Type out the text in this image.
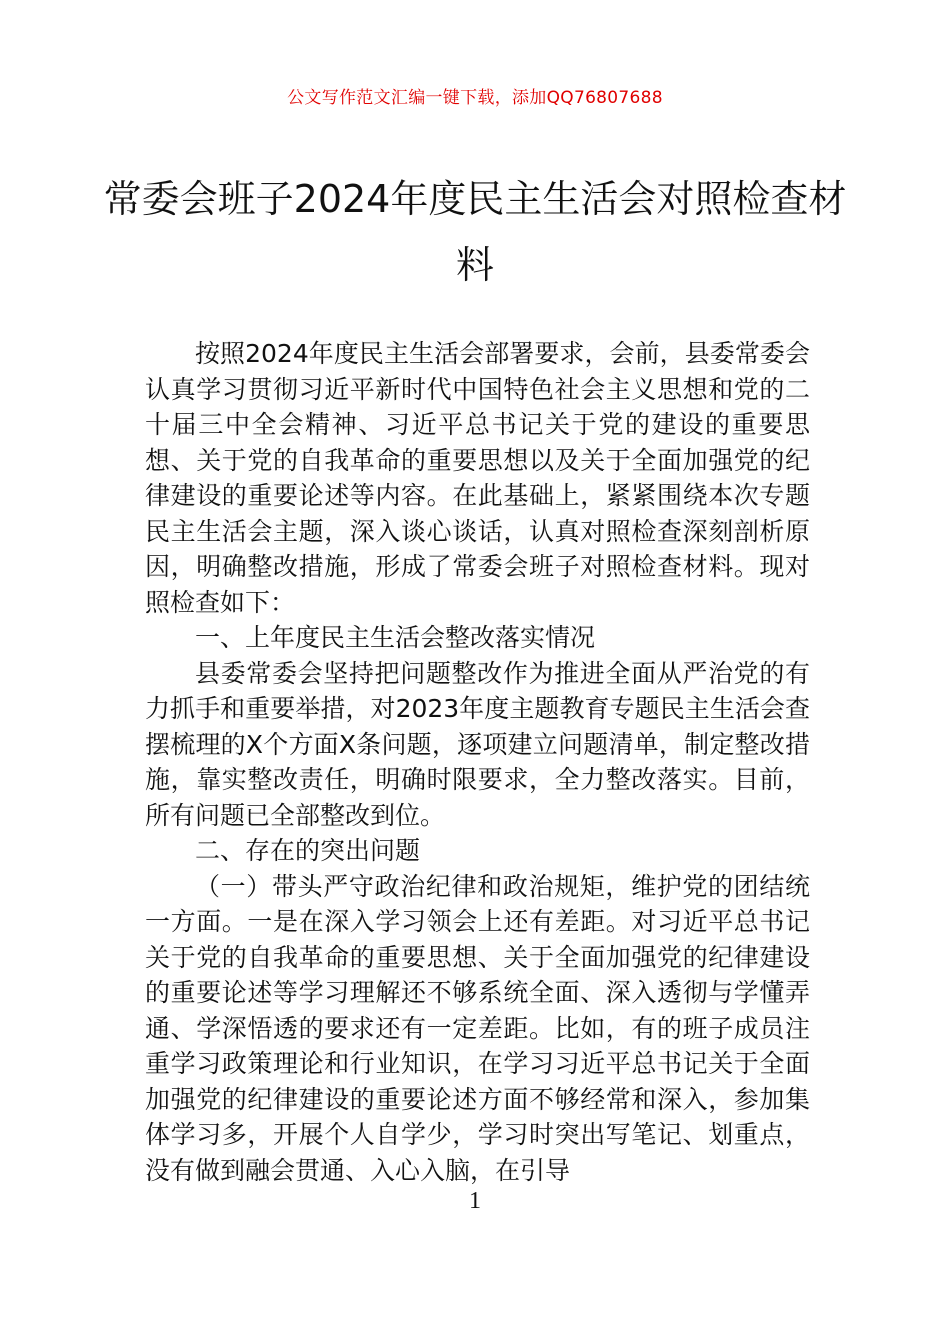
公文写作范文汇编一键下载，添加QQ76807688
常委会班子2024年度民主生活会对照检查材料

按照2024年度民主生活会部署要求，会前，县委常委会认真学习贯彻习近平新时代中国特色社会主义思想和党的二十届三中全会精神、习近平总书记关于党的建设的重要思想、关于党的自我革命的重要思想以及关于全面加强党的纪律建设的重要论述等内容。在此基础上，紧紧围绕本次专题民主生活会主题，深入谈心谈话，认真对照检查深刻剖析原因，明确整改措施，形成了常委会班子对照检查材料。现对照检查如下：

一、上年度民主生活会整改落实情况

县委常委会坚持把问题整改作为推进全面从严治党的有力抓手和重要举措，对2023年度主题教育专题民主生活会查摆梳理的X个方面X条问题，逐项建立问题清单，制定整改措施，靠实整改责任，明确时限要求，全力整改落实。目前，所有问题已全部整改到位。

二、存在的突出问题

（一）带头严守政治纪律和政治规矩，维护党的团结统一方面。一是在深入学习领会上还有差距。对习近平总书记关于党的自我革命的重要思想、关于全面加强党的纪律建设的重要论述等学习理解还不够系统全面、深入透彻与学懂弄通、学深悟透的要求还有一定差距。比如，有的班子成员注重学习政策理论和行业知识，在学习习近平总书记关于全面加强党的纪律建设的重要论述方面不够经常和深入，参加集体学习多，开展个人自学少，学习时突出写笔记、划重点，没有做到融会贯通、入心入脑，在引导

1
